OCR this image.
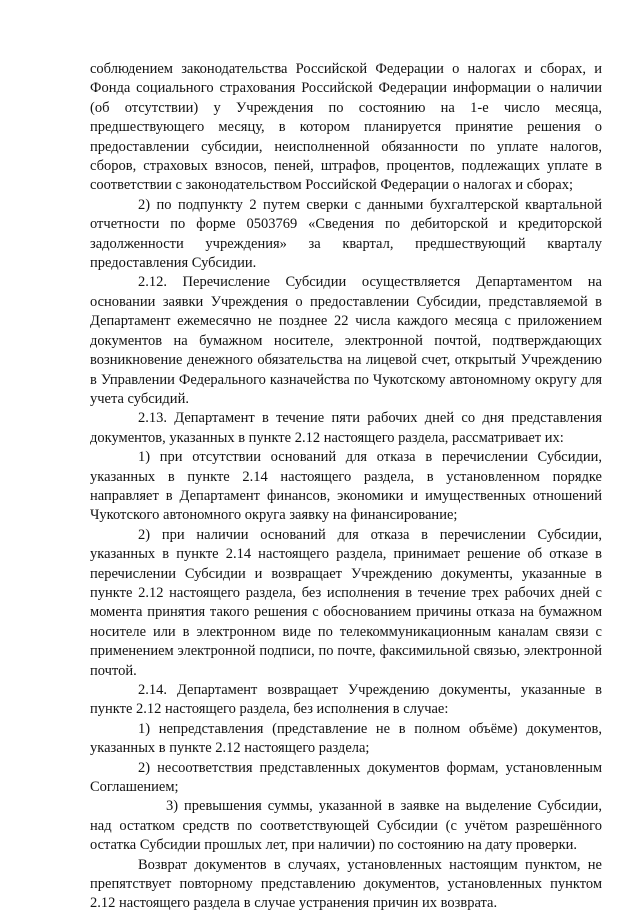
соблюдением законодательства Российской Федерации о налогах и сборах, и Фонда социального страхования Российской Федерации информации о наличии (об отсутствии) у Учреждения по состоянию на 1-е число месяца, предшествующего месяцу, в котором планируется принятие решения о предоставлении субсидии, неисполненной обязанности по уплате налогов, сборов, страховых взносов, пеней, штрафов, процентов, подлежащих уплате в соответствии с законодательством Российской Федерации о налогах и сборах;

2) по подпункту 2 путем сверки с данными бухгалтерской квартальной отчетности по форме 0503769 «Сведения по дебиторской и кредиторской задолженности учреждения» за квартал, предшествующий кварталу предоставления Субсидии.

2.12. Перечисление Субсидии осуществляется Департаментом на основании заявки Учреждения о предоставлении Субсидии, представляемой в Департамент ежемесячно не позднее 22 числа каждого месяца с приложением документов на бумажном носителе, электронной почтой, подтверждающих возникновение денежного обязательства на лицевой счет, открытый Учреждению в Управлении Федерального казначейства по Чукотскому автономному округу для учета субсидий.

2.13. Департамент в течение пяти рабочих дней со дня представления документов, указанных в пункте 2.12 настоящего раздела, рассматривает их:

1) при отсутствии оснований для отказа в перечислении Субсидии, указанных в пункте 2.14 настоящего раздела, в установленном порядке направляет в Департамент финансов, экономики и имущественных отношений Чукотского автономного округа заявку на финансирование;

2) при наличии оснований для отказа в перечислении Субсидии, указанных в пункте 2.14 настоящего раздела, принимает решение об отказе в перечислении Субсидии и возвращает Учреждению документы, указанные в пункте 2.12 настоящего раздела, без исполнения в течение трех рабочих дней с момента принятия такого решения с обоснованием причины отказа на бумажном носителе или в электронном виде по телекоммуникационным каналам связи с применением электронной подписи, по почте, факсимильной связью, электронной почтой.

2.14. Департамент возвращает Учреждению документы, указанные в пункте 2.12 настоящего раздела, без исполнения в случае:

1) непредставления (представление не в полном объёме) документов, указанных в пункте 2.12 настоящего раздела;

2) несоответствия представленных документов формам, установленным Соглашением;

3) превышения суммы, указанной в заявке на выделение Субсидии, над остатком средств по соответствующей Субсидии (с учётом разрешённого остатка Субсидии прошлых лет, при наличии) по состоянию на дату проверки.

Возврат документов в случаях, установленных настоящим пунктом, не препятствует повторному представлению документов, установленных пунктом 2.12 настоящего раздела в случае устранения причин их возврата.
